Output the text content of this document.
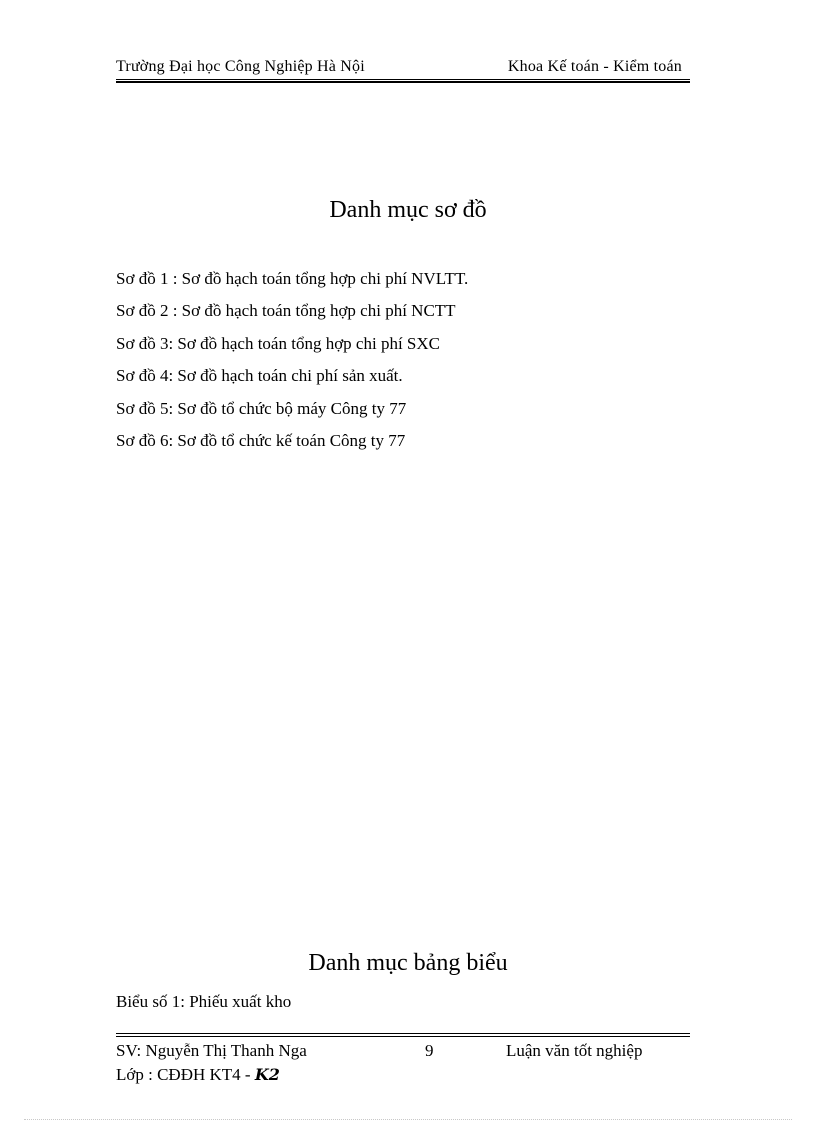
Trường Đại học Công Nghiệp Hà Nội	Khoa Kế toán - Kiểm toán
Danh mục sơ đồ
Sơ đồ 1 : Sơ đồ hạch toán tổng hợp chi phí NVLTT.
Sơ đồ 2 : Sơ đồ hạch toán tổng hợp chi phí NCTT
Sơ đồ 3: Sơ đồ hạch toán tổng hợp chi phí SXC
Sơ đồ 4: Sơ đồ hạch toán chi phí sản xuất.
Sơ đồ 5: Sơ đồ tổ chức bộ máy Công ty 77
Sơ đồ 6: Sơ đồ tổ chức kế toán Công ty 77
Danh mục bảng biểu
Biểu số 1: Phiếu xuất kho
SV: Nguyễn Thị Thanh Nga	9	Luận văn tốt nghiệp
Lớp : CĐĐH KT4 - K2
